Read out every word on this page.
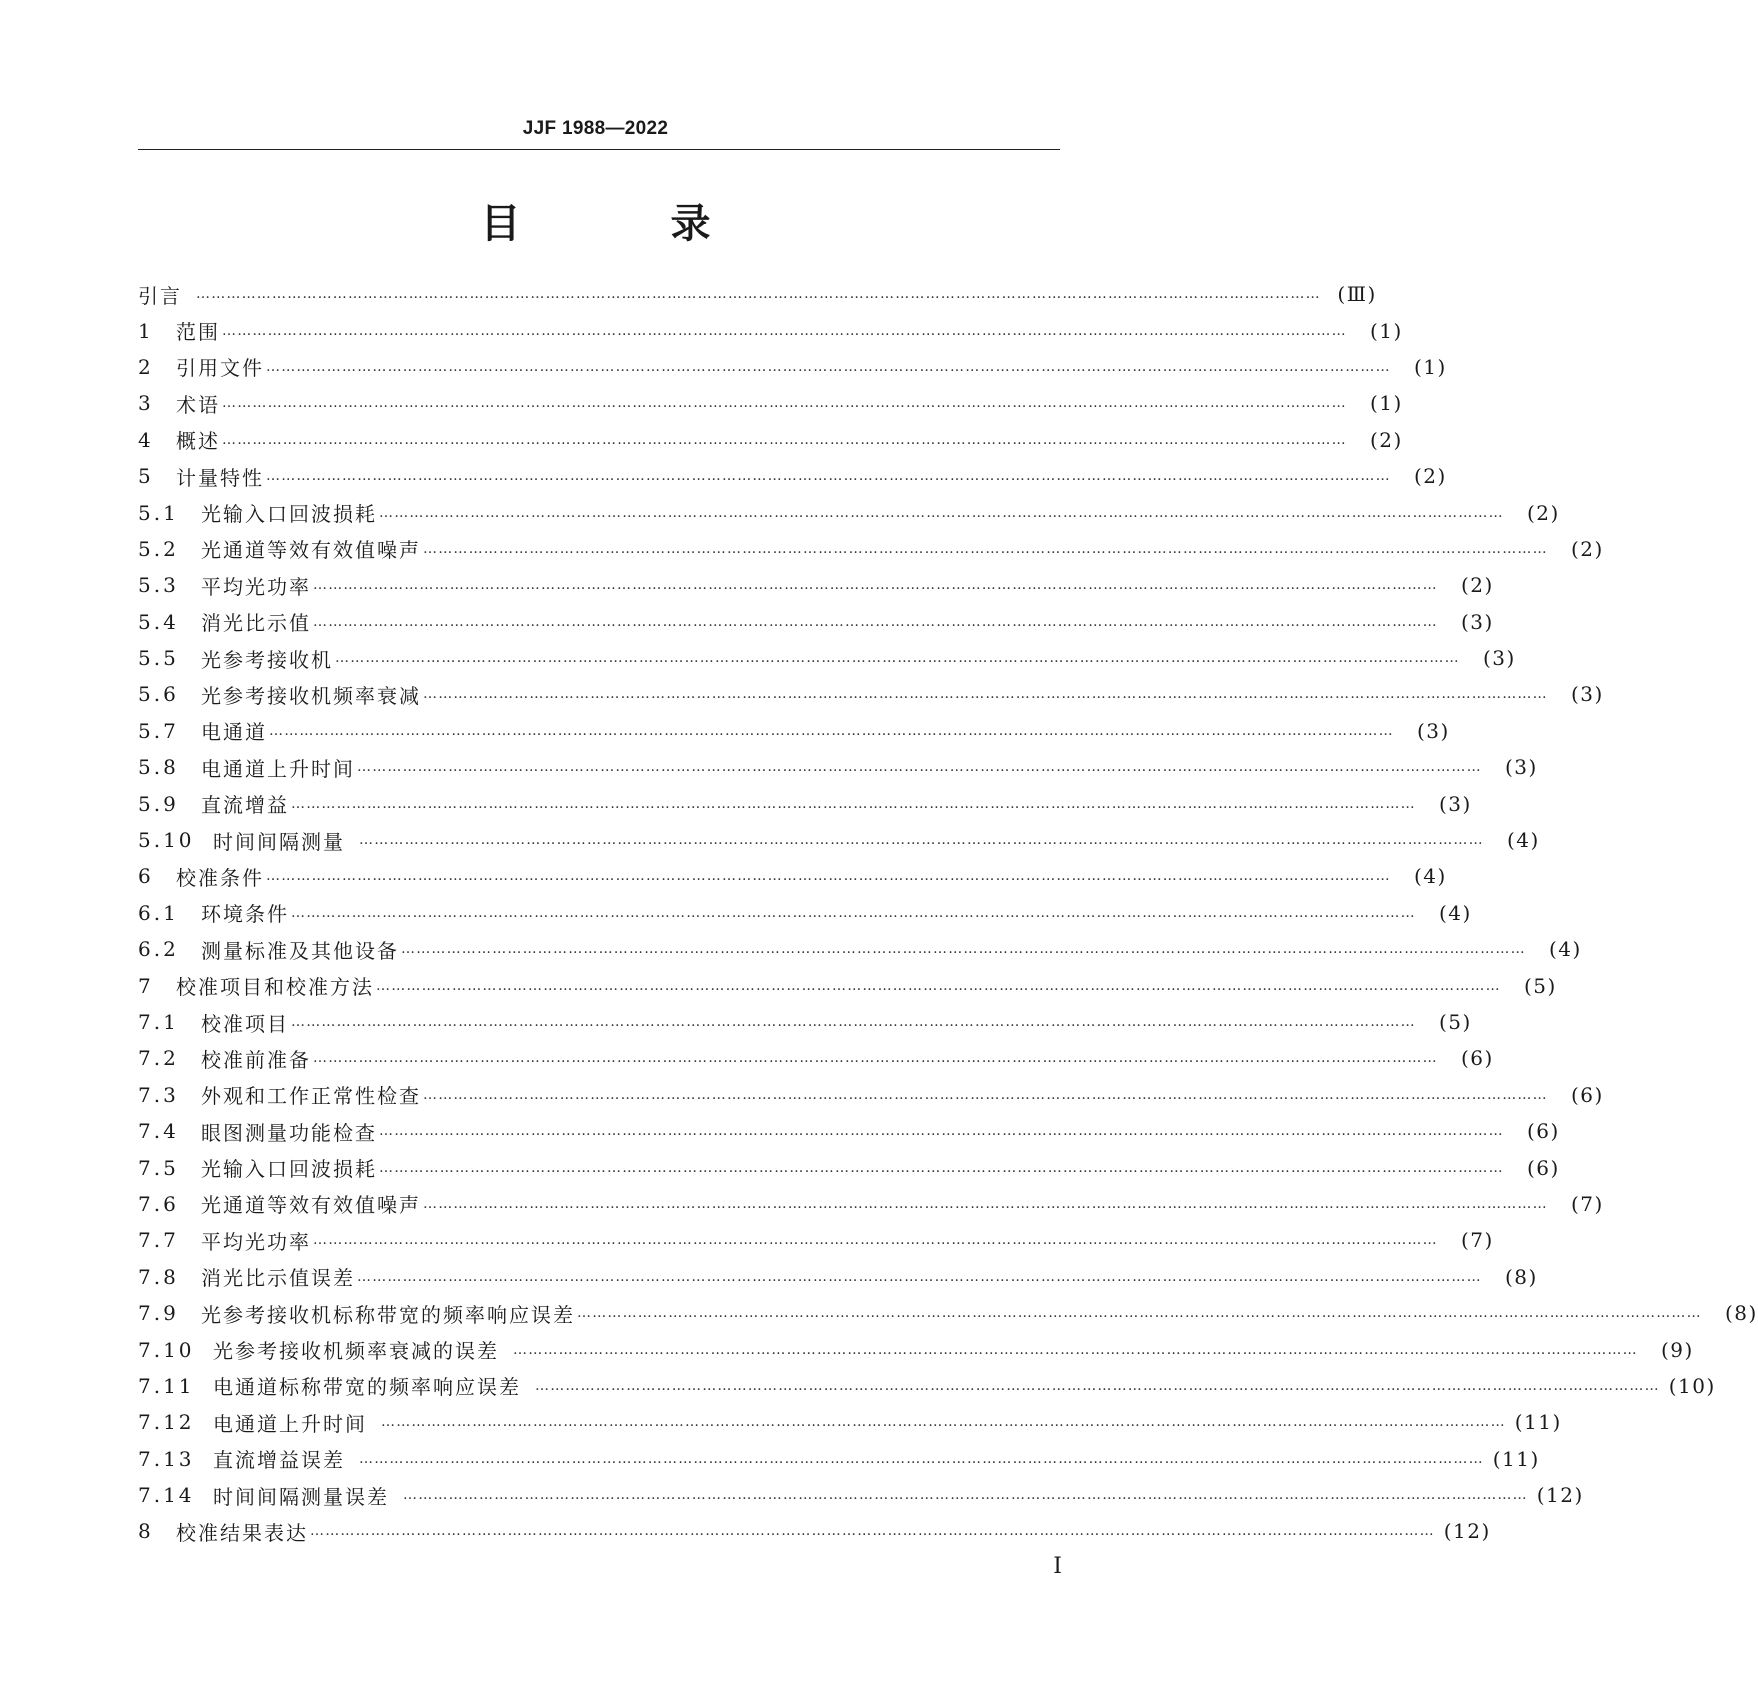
JJF 1988—2022
目 录
引言 …………………………………………………………………………………………………………………………………………………………………………………………………… (Ⅲ)
1	范围 ……………………………………………………………………………………………………………………………………………………………………………………………………	(1)
2	引用文件 ……………………………………………………………………………………………………………………………………………………………………………………………………	(1)
3	术语 ……………………………………………………………………………………………………………………………………………………………………………………………………	(1)
4	概述 ……………………………………………………………………………………………………………………………………………………………………………………………………	(2)
5	计量特性 ……………………………………………………………………………………………………………………………………………………………………………………………………	(2)
5.1	光输入口回波损耗 ……………………………………………………………………………………………………………………………………………………………………………………………………	(2)
5.2	光通道等效有效值噪声 ……………………………………………………………………………………………………………………………………………………………………………………………………	(2)
5.3	平均光功率 ……………………………………………………………………………………………………………………………………………………………………………………………………	(2)
5.4	消光比示值 ……………………………………………………………………………………………………………………………………………………………………………………………………	(3)
5.5	光参考接收机 ……………………………………………………………………………………………………………………………………………………………………………………………………	(3)
5.6	光参考接收机频率衰减 ……………………………………………………………………………………………………………………………………………………………………………………………………	(3)
5.7	电通道 ……………………………………………………………………………………………………………………………………………………………………………………………………	(3)
5.8	电通道上升时间 ……………………………………………………………………………………………………………………………………………………………………………………………………	(3)
5.9	直流增益 ……………………………………………………………………………………………………………………………………………………………………………………………………	(3)
5.10 时间间隔测量 ……………………………………………………………………………………………………………………………………………………………………………………………………	(4)
6	校准条件 ……………………………………………………………………………………………………………………………………………………………………………………………………	(4)
6.1	环境条件 ……………………………………………………………………………………………………………………………………………………………………………………………………	(4)
6.2	测量标准及其他设备 ……………………………………………………………………………………………………………………………………………………………………………………………………	(4)
7	校准项目和校准方法 ……………………………………………………………………………………………………………………………………………………………………………………………………	(5)
7.1	校准项目 ……………………………………………………………………………………………………………………………………………………………………………………………………	(5)
7.2	校准前准备 ……………………………………………………………………………………………………………………………………………………………………………………………………	(6)
7.3	外观和工作正常性检查 ……………………………………………………………………………………………………………………………………………………………………………………………………	(6)
7.4	眼图测量功能检查 ……………………………………………………………………………………………………………………………………………………………………………………………………	(6)
7.5	光输入口回波损耗 ……………………………………………………………………………………………………………………………………………………………………………………………………	(6)
7.6	光通道等效有效值噪声 ……………………………………………………………………………………………………………………………………………………………………………………………………	(7)
7.7	平均光功率 ……………………………………………………………………………………………………………………………………………………………………………………………………	(7)
7.8	消光比示值误差 ……………………………………………………………………………………………………………………………………………………………………………………………………	(8)
7.9	光参考接收机标称带宽的频率响应误差 ……………………………………………………………………………………………………………………………………………………………………………………………………	(8)
7.10 光参考接收机频率衰减的误差 ……………………………………………………………………………………………………………………………………………………………………………………………………	(9)
7.11 电通道标称带宽的频率响应误差 …………………………………………………………………………………………………………………………………………………………………………………………………… (10)
7.12 电通道上升时间 …………………………………………………………………………………………………………………………………………………………………………………………………… (11)
7.13 直流增益误差 …………………………………………………………………………………………………………………………………………………………………………………………………… (11)
7.14 时间间隔测量误差 …………………………………………………………………………………………………………………………………………………………………………………………………… (12)
8	校准结果表达 …………………………………………………………………………………………………………………………………………………………………………………………………… (12)
I
